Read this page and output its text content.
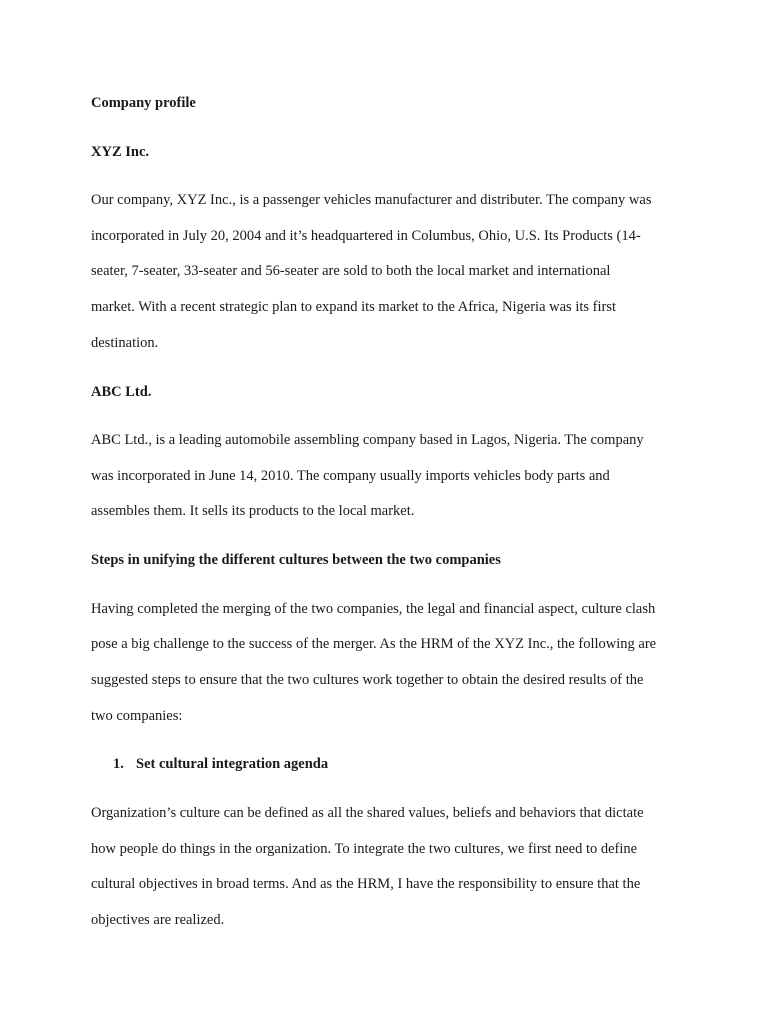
Company profile

XYZ Inc.

Our company, XYZ Inc., is a passenger vehicles manufacturer and distributer. The company was

incorporated in July 20, 2004 and it’s headquartered in Columbus, Ohio, U.S. Its Products (14-

seater, 7-seater, 33-seater and 56-seater are sold to both the local market and international

market. With a recent strategic plan to expand its market to the Africa, Nigeria was its first

destination.

ABC Ltd.

ABC Ltd., is a leading automobile assembling company based in Lagos, Nigeria. The company

was incorporated in June 14, 2010. The company usually imports vehicles body parts and

assembles them. It sells its products to the local market.

Steps in unifying the different cultures between the two companies

Having completed the merging of the two companies, the legal and financial aspect, culture clash

pose a big challenge to the success of the merger. As the HRM of the XYZ Inc., the following are

suggested steps to ensure that the two cultures work together to obtain the desired results of the

two companies:

1. Set cultural integration agenda

Organization’s culture can be defined as all the shared values, beliefs and behaviors that dictate

how people do things in the organization. To integrate the two cultures, we first need to define

cultural objectives in broad terms. And as the HRM, I have the responsibility to ensure that the

objectives are realized.
